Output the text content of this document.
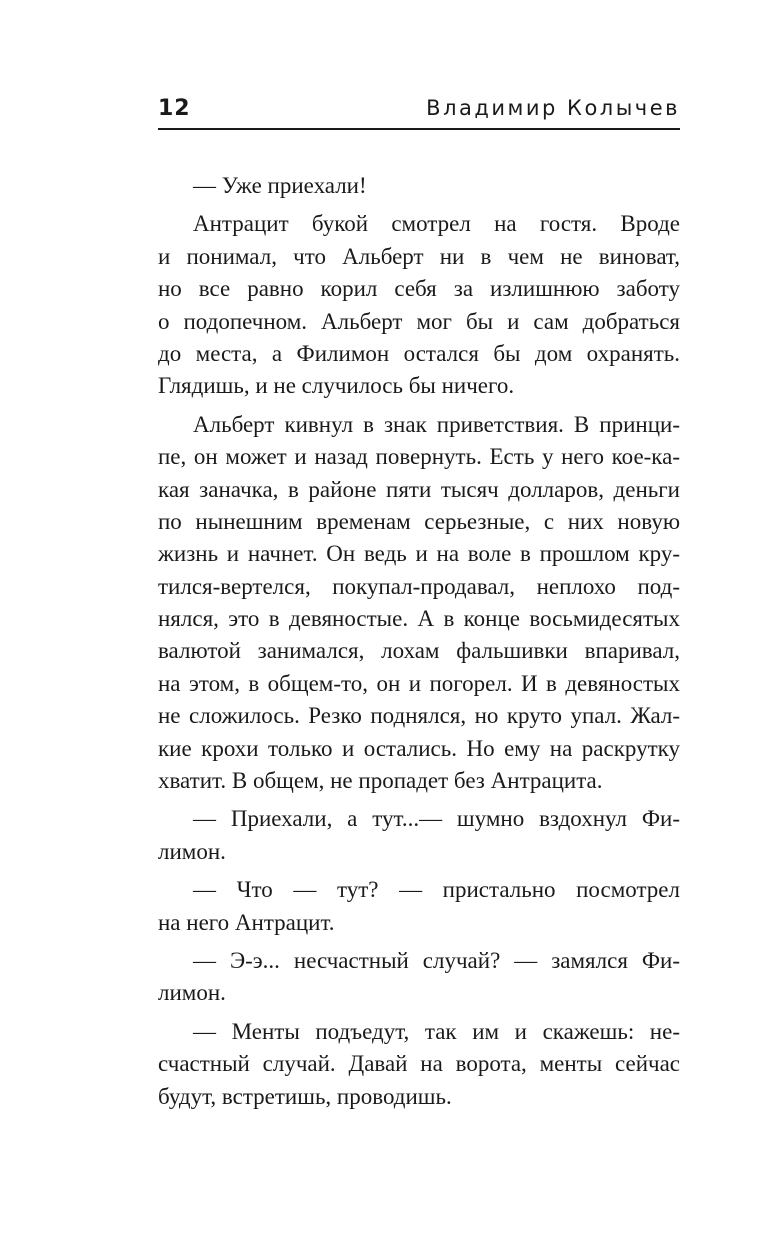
12	Владимир Колычев
— Уже приехали!
Антрацит букой смотрел на гостя. Вроде
и понимал, что Альберт ни в чем не виноват,
но все равно корил себя за излишнюю заботу
о подопечном. Альберт мог бы и сам добраться
до места, а Филимон остался бы дом охранять.
Глядишь, и не случилось бы ничего.
Альберт кивнул в знак приветствия. В принци-
пе, он может и назад повернуть. Есть у него кое-ка-
кая заначка, в районе пяти тысяч долларов, деньги
по нынешним временам серьезные, с них новую
жизнь и начнет. Он ведь и на воле в прошлом кру-
тился-вертелся, покупал-продавал, неплохо под-
нялся, это в девяностые. А в конце восьмидесятых
валютой занимался, лохам фальшивки впаривал,
на этом, в общем-то, он и погорел. И в девяностых
не сложилось. Резко поднялся, но круто упал. Жал-
кие крохи только и остались. Но ему на раскрутку
хватит. В общем, не пропадет без Антрацита.
— Приехали, а тут...— шумно вздохнул Фи-
лимон.
— Что — тут? — пристально посмотрел
на него Антрацит.
— Э-э... несчастный случай? — замялся Фи-
лимон.
— Менты подъедут, так им и скажешь: не-
счастный случай. Давай на ворота, менты сейчас
будут, встретишь, проводишь.
